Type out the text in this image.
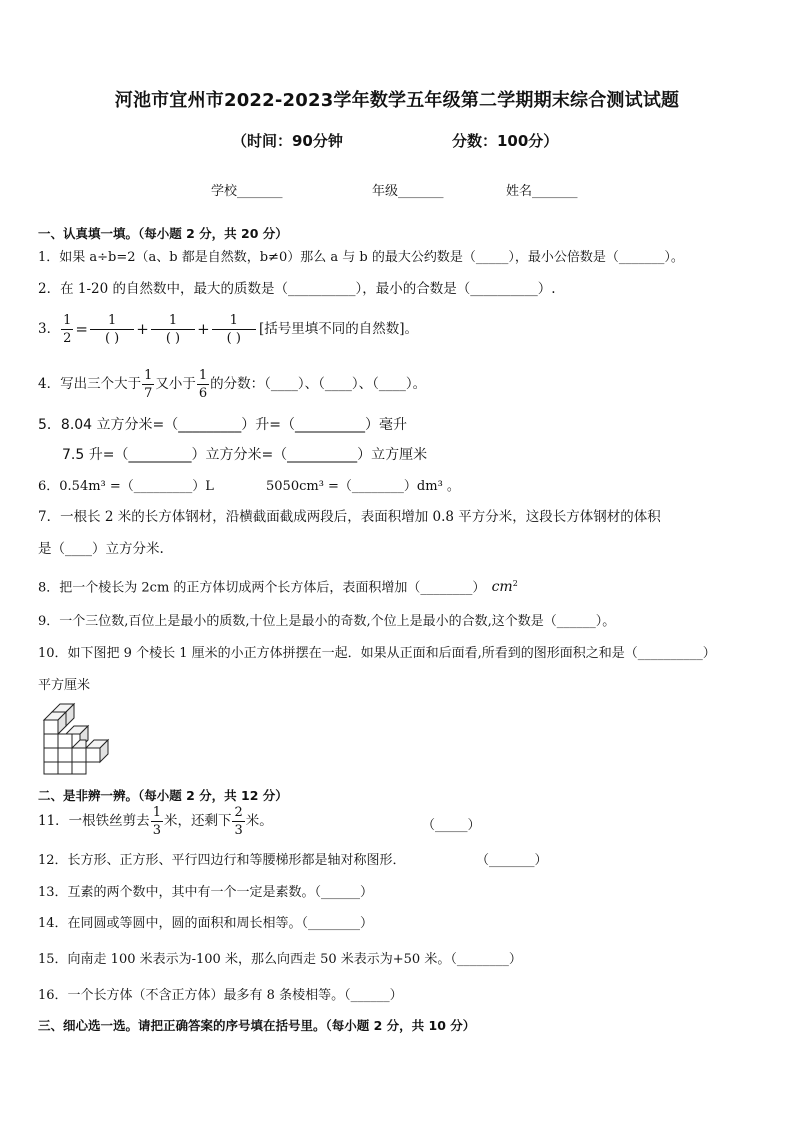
河池市宜州市2022-2023学年数学五年级第二学期期末综合测试试题
（时间：90分钟	分数：100分）
学校_______	年级_______	姓名_______
一、认真填一填。（每小题 2 分，共 20 分）
1．如果 a÷b=2（a、b 都是自然数，b≠0）那么 a 与 b 的最大公约数是（_____），最小公倍数是（_______）。
2．在 1-20 的自然数中，最大的质数是（__________），最小的合数是（__________）.
3． $\frac{1}{2} = \frac{1}{( )} + \frac{1}{( )} + \frac{1}{( )}$ [括号里填不同的自然数]。
4．写出三个大于 $\frac{1}{7}$ 又小于 $\frac{1}{6}$ 的分数：（____）、（____）、（____）。
5．8.04 立方分米=（_________）升=（__________）毫升
7.5 升=（_________）立方分米=（__________）立方厘米
6．0.54m³ =（_________）L	5050cm³ =（________）dm³ 。
7．一根长 2 米的长方体钢材，沿横截面截成两段后，表面积增加 0.8 平方分米，这段长方体钢材的体积
是（____）立方分米.
8．把一个棱长为 2cm 的正方体切成两个长方体后，表面积增加（________） $cm^2$
9．一个三位数,百位上是最小的质数,十位上是最小的奇数,个位上是最小的合数,这个数是（______）。
10．如下图把 9 个棱长 1 厘米的小正方体拼摆在一起．如果从正面和后面看,所看到的图形面积之和是（__________）
平方厘米
二、是非辨一辨。（每小题 2 分，共 12 分）
11．一根铁丝剪去 $\frac{1}{3}$ 米，还剩下 $\frac{2}{3}$ 米。	（_____）
12．长方形、正方形、平行四边行和等腰梯形都是轴对称图形．	（_______）
13．互素的两个数中，其中有一个一定是素数。（______）
14．在同圆或等圆中，圆的面积和周长相等。（________）
15．向南走 100 米表示为-100 米，那么向西走 50 米表示为+50 米。（________）
16．一个长方体（不含正方体）最多有 8 条棱相等。（______）
三、细心选一选。请把正确答案的序号填在括号里。（每小题 2 分，共 10 分）
